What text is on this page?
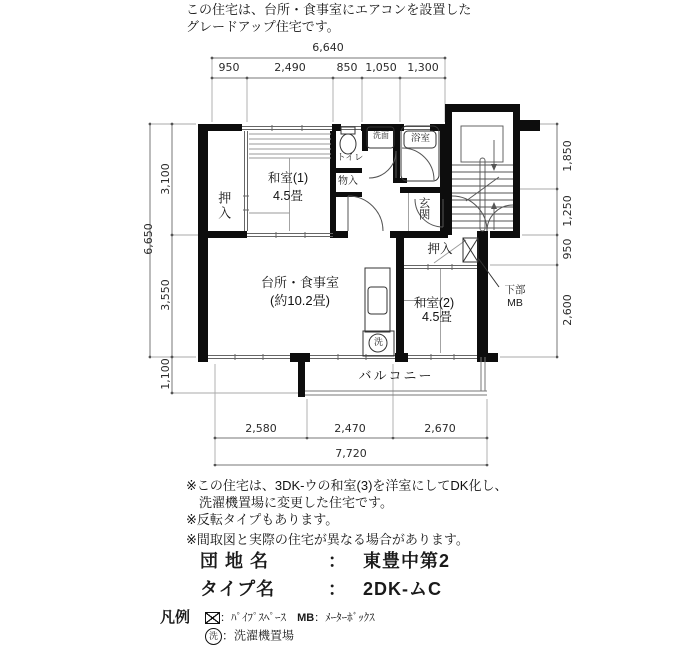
この住宅は、台所・食事室にエアコンを設置した
グレードアップ住宅です。
6,640
950	2,490	850 1,050 1,300
6,650
3,100
3,550
1,100
1,850
1,250
950
2,600
2,580	2,470	2,670
7,720
押入
和室(1)
4.5畳
トイレ
洗面
物入
浴室
玄関
台所・食事室
(約10.2畳)
押入
和室(2)
4.5畳
下部
MB
バルコニー
洗
※この住宅は、3DK-ウの和室(3)を洋室にしてDK化し、
洗濯機置場に変更した住宅です。
※反転タイプもあります。
※間取図と実際の住宅が異なる場合があります。
団 地 名	： 東豊中第2
タイプ名	： 2DK-ムC
凡例	：ﾊﾟｲﾌﾟｽﾍﾟｰｽ MB：ﾒｰﾀｰﾎﾞｯｸｽ
洗 ：洗濯機置場
